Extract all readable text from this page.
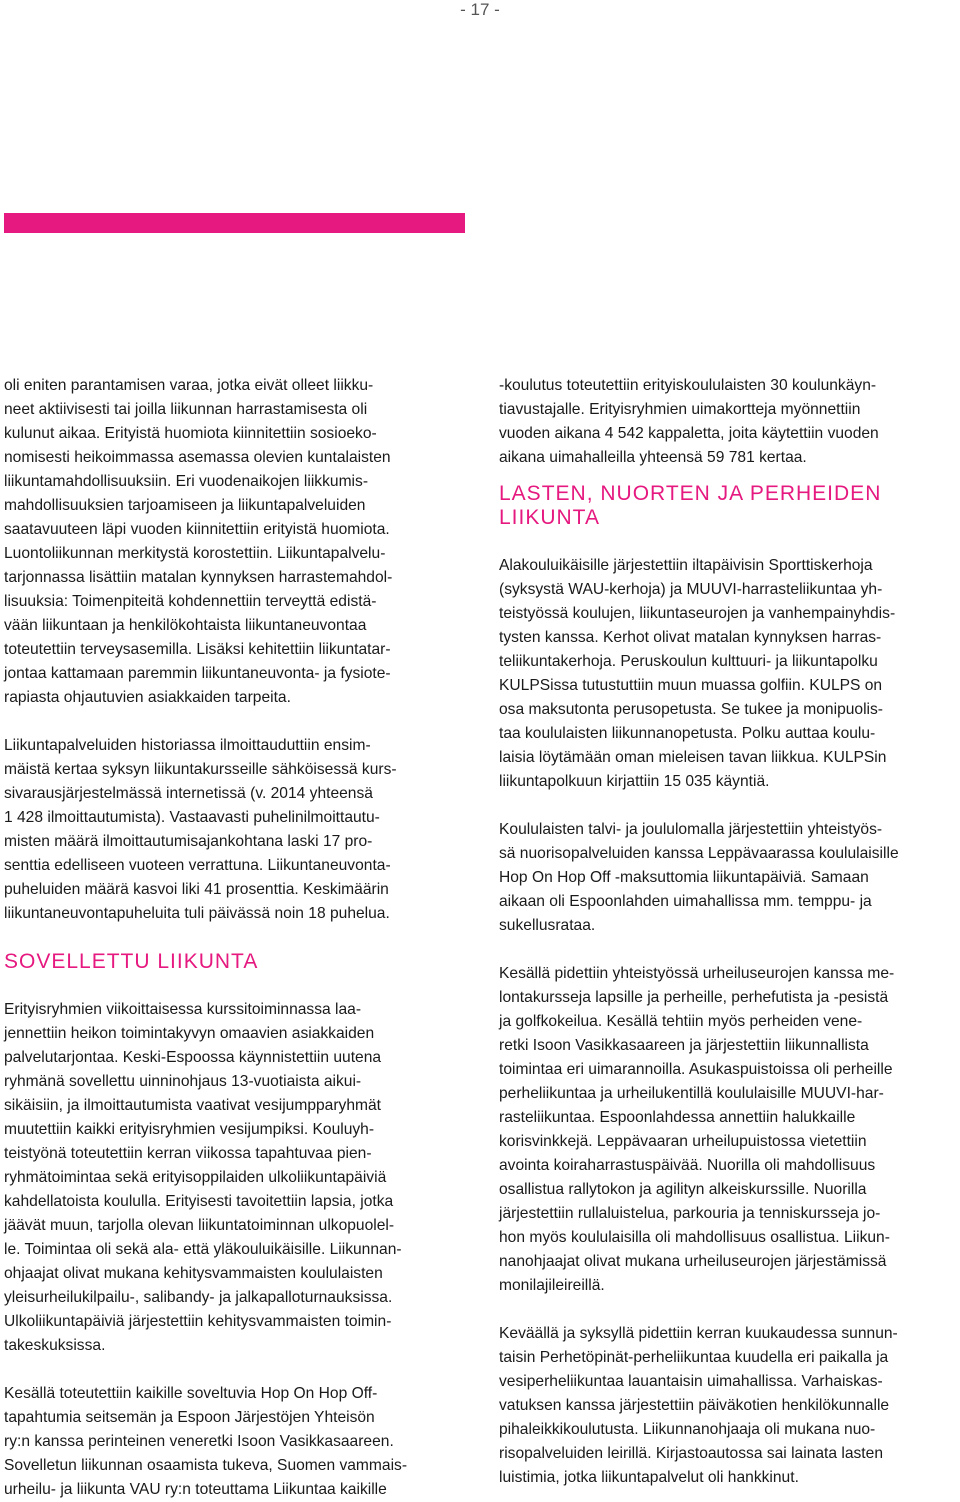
- 17 -

oli eniten parantamisen varaa, jotka eivät olleet liikku-
neet aktiivisesti tai joilla liikunnan harrastamisesta oli
kulunut aikaa. Erityistä huomiota kiinnitettiin sosioeko-
nomisesti heikoimmassa asemassa olevien kuntalaisten
liikuntamahdollisuuksiin. Eri vuodenaikojen liikkumis-
mahdollisuuksien tarjoamiseen ja liikuntapalveluiden
saatavuuteen läpi vuoden kiinnitettiin erityistä huomiota.
Luontoliikunnan merkitystä korostettiin. Liikuntapalvelu-
tarjonnassa lisättiin matalan kynnyksen harrastemahdol-
lisuuksia: Toimenpiteitä kohdennettiin terveyttä edistä-
vään liikuntaan ja henkilökohtaista liikuntaneuvontaa
toteutettiin terveysasemilla. Lisäksi kehitettiin liikuntatar-
jontaa kattamaan paremmin liikuntaneuvonta- ja fysiote-
rapiasta ohjautuvien asiakkaiden tarpeita.

Liikuntapalveluiden historiassa ilmoittauduttiin ensim-
mäistä kertaa syksyn liikuntakursseille sähköisessä kurs-
sivarausjärjestelmässä internetissä (v. 2014 yhteensä
1 428 ilmoittautumista). Vastaavasti puhelinilmoittautu-
misten määrä ilmoittautumisajankohtana laski 17 pro-
senttia edelliseen vuoteen verrattuna. Liikuntaneuvonta-
puheluiden määrä kasvoi liki 41 prosenttia. Keskimäärin
liikuntaneuvontapuheluita tuli päivässä noin 18 puhelua.

SOVELLETTU LIIKUNTA

Erityisryhmien viikoittaisessa kurssitoiminnassa laa-
jennettiin heikon toimintakyvyn omaavien asiakkaiden
palvelutarjontaa. Keski-Espoossa käynnistettiin uutena
ryhmänä sovellettu uinninohjaus 13-vuotiaista aikui-
sikäisiin, ja ilmoittautumista vaativat vesijumpparyhmät
muutettiin kaikki erityisryhmien vesijumpiksi. Kouluyh-
teistyönä toteutettiin kerran viikossa tapahtuvaa pien-
ryhmätoimintaa sekä erityisoppilaiden ulkoliikuntapäiviä
kahdellatoista koululla. Erityisesti tavoitettiin lapsia, jotka
jäävät muun, tarjolla olevan liikuntatoiminnan ulkopuolel-
le. Toimintaa oli sekä ala- että yläkouluikäisille. Liikunnan-
ohjaajat olivat mukana kehitysvammaisten koululaisten
yleisurheilukilpailu-, salibandy- ja jalkapalloturnauksissa.
Ulkoliikuntapäiviä järjestettiin kehitysvammaisten toimin-
takeskuksissa.

Kesällä toteutettiin kaikille soveltuvia Hop On Hop Off-
tapahtumia seitsemän ja Espoon Järjestöjen Yhteisön
ry:n kanssa perinteinen veneretki Isoon Vasikkasaareen.
Sovelletun liikunnan osaamista tukeva, Suomen vammais-
urheilu- ja liikunta VAU ry:n toteuttama Liikuntaa kaikille

-koulutus toteutettiin erityiskoululaisten 30 koulunkäyn-
tiavustajalle. Erityisryhmien uimakortteja myönnettiin
vuoden aikana 4 542 kappaletta, joita käytettiin vuoden
aikana uimahalleilla yhteensä 59 781 kertaa.

LASTEN, NUORTEN JA PERHEIDEN
LIIKUNTA

Alakouluikäisille järjestettiin iltapäivisin Sporttiskerhoja
(syksystä WAU-kerhoja) ja MUUVI-harrasteliikuntaa yh-
teistyössä koulujen, liikuntaseurojen ja vanhempainyhdis-
tysten kanssa. Kerhot olivat matalan kynnyksen harras-
teliikuntakerhoja. Peruskoulun kulttuuri- ja liikuntapolku
KULPSissa tutustuttiin muun muassa golfiin. KULPS on
osa maksutonta perusopetusta. Se tukee ja monipuolis-
taa koululaisten liikunnanopetusta. Polku auttaa koulu-
laisia löytämään oman mieleisen tavan liikkua. KULPSin
liikuntapolkuun kirjattiin 15 035 käyntiä.

Koululaisten talvi- ja joululomalla järjestettiin yhteistyös-
sä nuorisopalveluiden kanssa Leppävaarassa koululaisille
Hop On Hop Off -maksuttomia liikuntapäiviä. Samaan
aikaan oli Espoonlahden uimahallissa mm. temppu- ja
sukellusrataa.

Kesällä pidettiin yhteistyössä urheiluseurojen kanssa me-
lontakursseja lapsille ja perheille, perhefutista ja -pesistä
ja golfkokeilua. Kesällä tehtiin myös perheiden vene-
retki Isoon Vasikkasaareen ja järjestettiin liikunnallista
toimintaa eri uimarannoilla. Asukaspuistoissa oli perheille
perheliikuntaa ja urheilukentillä koululaisille MUUVI-har-
rasteliikuntaa. Espoonlahdessa annettiin halukkaille
korisvinkkejä. Leppävaaran urheilupuistossa vietettiin
avointa koiraharrastuspäivää. Nuorilla oli mahdollisuus
osallistua rallytokon ja agilityn alkeiskurssille. Nuorilla
järjestettiin rullaluistelua, parkouria ja tenniskursseja jo-
hon myös koululaisilla oli mahdollisuus osallistua. Liikun-
nanohjaajat olivat mukana urheiluseurojen järjestämissä
monilajileireillä.

Keväällä ja syksyllä pidettiin kerran kuukaudessa sunnun-
taisin Perhetöpinät-perheliikuntaa kuudella eri paikalla ja
vesiperheliikuntaa lauantaisin uimahallissa. Varhaiskas-
vatuksen kanssa järjestettiin päiväkotien henkilökunnalle
pihaleikkikoulutusta. Liikunnanohjaaja oli mukana nuo-
risopalveluiden leirillä. Kirjastoautossa sai lainata lasten
luistimia, jotka liikuntapalvelut oli hankkinut.
